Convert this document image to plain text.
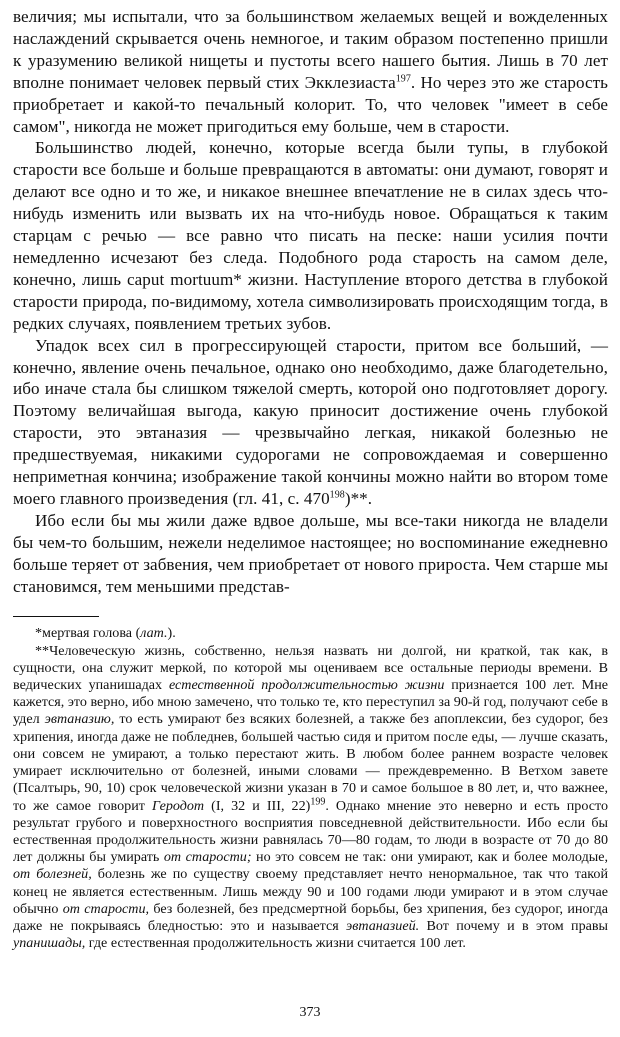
величия; мы испытали, что за большинством желаемых вещей и вожделенных наслаждений скрывается очень немногое, и таким образом постепенно пришли к уразумению великой нищеты и пустоты всего нашего бытия. Лишь в 70 лет вполне понимает человек первый стих Экклезиаста$^{197}$. Но через это же старость приобретает и какой-то печальный колорит. То, что человек "имеет в себе самом", никогда не может пригодиться ему больше, чем в старости.

Большинство людей, конечно, которые всегда были тупы, в глубокой старости все больше и больше превращаются в автоматы: они думают, говорят и делают все одно и то же, и никакое внешнее впечатление не в силах здесь что-нибудь изменить или вызвать их на что-нибудь новое. Обращаться к таким старцам с речью — все равно что писать на песке: наши усилия почти немедленно исчезают без следа. Подобного рода старость на самом деле, конечно, лишь caput mortuum* жизни. Наступление второго детства в глубокой старости природа, по-видимому, хотела символизировать происходящим тогда, в редких случаях, появлением третьих зубов.

Упадок всех сил в прогрессирующей старости, притом все больший, — конечно, явление очень печальное, однако оно необходимо, даже благодетельно, ибо иначе стала бы слишком тяжелой смерть, которой оно подготовляет дорогу. Поэтому величайшая выгода, какую приносит достижение очень глубокой старости, это эвтаназия — чрезвычайно легкая, никакой болезнью не предшествуемая, никакими судорогами не сопровождаемая и совершенно неприметная кончина; изображение такой кончины можно найти во втором томе моего главного произведения (гл. 41, с. $470^{198})**$.

Ибо если бы мы жили даже вдвое дольше, мы все-таки никогда не владели бы чем-то большим, нежели неделимое настоящее; но воспоминание ежедневно больше теряет от забвения, чем приобретает от нового прироста. Чем старше мы становимся, тем меньшими представ-

*мертвая голова (лат.).

**Человеческую жизнь, собственно, нельзя назвать ни долгой, ни краткой, так как, в сущности, она служит меркой, по которой мы оцениваем все остальные периоды времени. В ведических упанишадах естественной продолжительностью жизни признается 100 лет. Мне кажется, это верно, ибо мною замечено, что только те, кто переступил за 90-й год, получают себе в удел эвтаназию, то есть умирают без всяких болезней, а также без апоплексии, без судорог, без хрипения, иногда даже не побледнев, большей частью сидя и притом после еды, — лучше сказать, они совсем не умирают, а только перестают жить. В любом более раннем возрасте человек умирает исключительно от болезней, иными словами — преждевременно. В Ветхом завете (Псалтырь, 90, 10) срок человеческой жизни указан в 70 и самое большое в 80 лет, и, что важнее, то же самое говорит Геродот (I, 32 и III, 22)$^{199}$. Однако мнение это неверно и есть просто результат грубого и поверхностного восприятия повседневной действительности. Ибо если бы естественная продолжительность жизни равнялась 70—80 годам, то люди в возрасте от 70 до 80 лет должны бы умирать от старости; но это совсем не так: они умирают, как и более молодые, от болезней, болезнь же по существу своему представляет нечто ненормальное, так что такой конец не является естественным. Лишь между 90 и 100 годами люди умирают и в этом случае обычно от старости, без болезней, без предсмертной борьбы, без хрипения, без судорог, иногда даже не покрываясь бледностью: это и называется эвтаназией. Вот почему и в этом правы упанишады, где естественная продолжительность жизни считается 100 лет.

373
